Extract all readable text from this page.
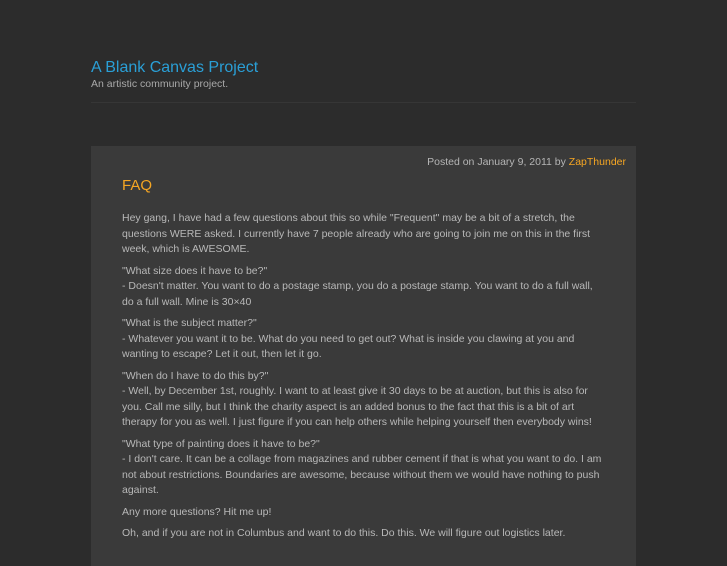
A Blank Canvas Project

An artistic community project.

Posted on January 9, 2011 by ZapThunder
FAQ

Hey gang, I have had a few questions about this so while "Frequent" may be a bit of a stretch, the questions WERE asked. I currently have 7 people already who are going to join me on this in the first week, which is AWESOME.

"What size does it have to be?"
- Doesn't matter. You want to do a postage stamp, you do a postage stamp. You want to do a full wall, do a full wall. Mine is 30×40

"What is the subject matter?"
- Whatever you want it to be. What do you need to get out? What is inside you clawing at you and wanting to escape? Let it out, then let it go.

"When do I have to do this by?"
- Well, by December 1st, roughly. I want to at least give it 30 days to be at auction, but this is also for you. Call me silly, but I think the charity aspect is an added bonus to the fact that this is a bit of art therapy for you as well. I just figure if you can help others while helping yourself then everybody wins!

"What type of painting does it have to be?"
- I don't care. It can be a collage from magazines and rubber cement if that is what you want to do. I am not about restrictions. Boundaries are awesome, because without them we would have nothing to push against.

Any more questions? Hit me up!

Oh, and if you are not in Columbus and want to do this. Do this. We will figure out logistics later.
